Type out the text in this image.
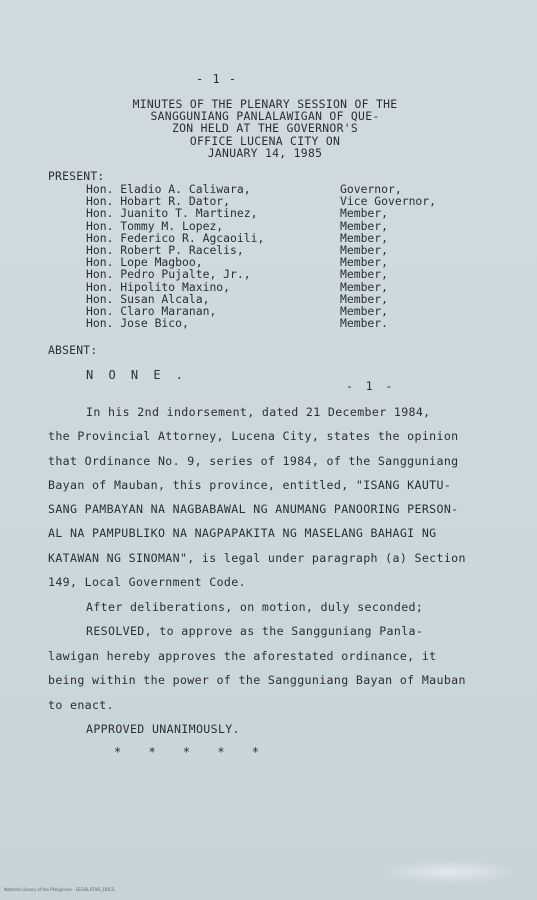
- 1 -
MINUTES OF THE PLENARY SESSION OF THE
SANGGUNIANG PANLALAWIGAN OF QUE-
ZON HELD AT THE GOVERNOR'S
OFFICE LUCENA CITY ON
JANUARY 14, 1985
PRESENT:
Hon. Eladio A. Caliwara,	Governor,
Hon. Hobart R. Dator,	Vice Governor,
Hon. Juanito T. Martinez,	Member,
Hon. Tommy M. Lopez,	Member,
Hon. Federico R. Agcaoili,	Member,
Hon. Robert P. Racelis,	Member,
Hon. Lope Magboo,	Member,
Hon. Pedro Pujalte, Jr.,	Member,
Hon. Hipolito Maxino,	Member,
Hon. Susan Alcala,	Member,
Hon. Claro Maranan,	Member,
Hon. Jose Bico,	Member.
ABSENT:
N O N E .
- 1 -
In his 2nd indorsement, dated 21 December 1984,
the Provincial Attorney, Lucena City, states the opinion
that Ordinance No. 9, series of 1984, of the Sangguniang
Bayan of Mauban, this province, entitled, "ISANG KAUTU-
SANG PAMBAYAN NA NAGBABAWAL NG ANUMANG PANOORING PERSON-
AL NA PAMPUBLIKO NA NAGPAPAKITA NG MASELANG BAHAGI NG
KATAWAN NG SINOMAN", is legal under paragraph (a) Section
149, Local Government Code.
After deliberations, on motion, duly seconded;
RESOLVED, to approve as the Sangguniang Panla-
lawigan hereby approves the aforestated ordinance, it
being within the power of the Sangguniang Bayan of Mauban
to enact.
APPROVED UNANIMOUSLY.
* * * * *
National Library of the Philippines - LEGISLATIVE_DOCS
